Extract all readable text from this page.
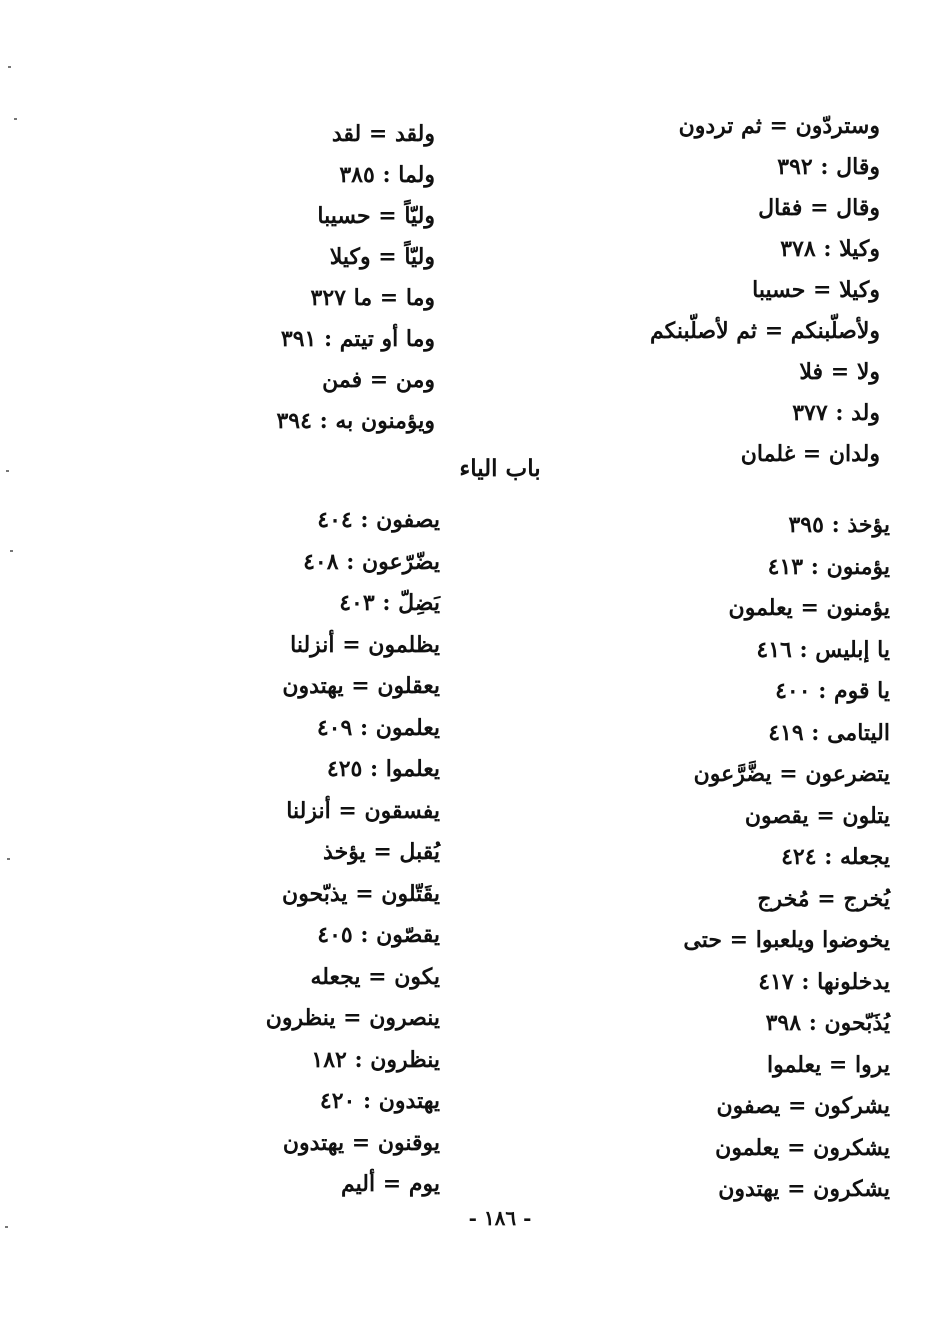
وستردّون = ثم تردون
وقال : ٣٩٢
وقال = فقال
وكيلا : ٣٧٨
وكيلا = حسيبا
ولأصلّبنكم = ثم لأصلّبنكم
ولا = فلا
ولد : ٣٧٧
ولدان = غلمان
ولقد = لقد
ولما : ٣٨٥
وليّاً = حسيبا
وليّاً = وكيلا
وما = ما ٣٢٧
وما أو تيتم : ٣٩١
ومن = فمن
ويؤمنون به : ٣٩٤
باب الياء
يؤخذ : ٣٩٥
يؤمنون : ٤١٣
يؤمنون = يعلمون
يا إبليس : ٤١٦
يا قوم : ٤٠٠
اليتامى : ٤١٩
يتضرعون = يضَّرَّعون
يتلون = يقصون
يجعله : ٤٢٤
يُخرج = مُخرج
يخوضوا ويلعبوا = حتى
يدخلونها : ٤١٧
يُذَبّحون : ٣٩٨
يروا = يعلموا
يشركون = يصفون
يشكرون = يعلمون
يشكرون = يهتدون
يصفون : ٤٠٤
يضّرّعون : ٤٠٨
يَضِلّ : ٤٠٣
يظلمون = أنزلنا
يعقلون = يهتدون
يعلمون : ٤٠٩
يعلموا : ٤٢٥
يفسقون = أنزلنا
يُقبل = يؤخذ
يقَتّلون = يذبّحون
يقصّون : ٤٠٥
يكون = يجعله
ينصرون = ينظرون
ينظرون : ١٨٢
يهتدون : ٤٢٠
يوقنون = يهتدون
يوم = أليم
- ١٨٦ -
